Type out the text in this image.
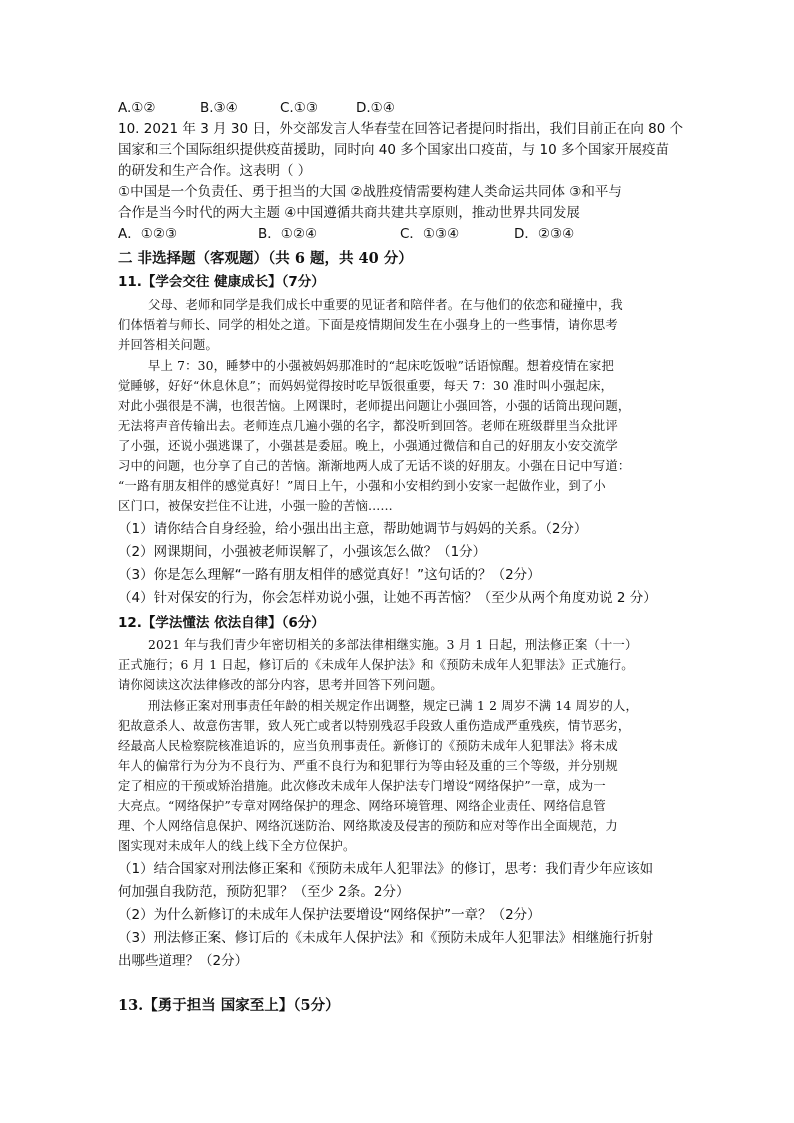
A.①②	B.③④	C.①③	D.①④
10. 2021 年 3 月 30 日，外交部发言人华春莹在回答记者提问时指出，我们目前正在向 80 个
国家和三个国际组织提供疫苗援助，同时向 40 多个国家出口疫苗，与 10 多个国家开展疫苗
的研发和生产合作。这表明（ ）
①中国是一个负责任、勇于担当的大国 ②战胜疫情需要构建人类命运共同体 ③和平与
合作是当今时代的两大主题 ④中国遵循共商共建共享原则，推动世界共同发展
A．①②③	B．①②④	C．①③④	D．②③④
二 非选择题（客观题）（共 6 题，共 40 分）
11.【学会交往 健康成长】（7分）
父母、老师和同学是我们成长中重要的见证者和陪伴者。在与他们的依恋和碰撞中，我
们体悟着与师长、同学的相处之道。下面是疫情期间发生在小强身上的一些事情，请你思考
并回答相关问题。
早上 7：30，睡梦中的小强被妈妈那准时的“起床吃饭啦”话语惊醒。想着疫情在家把
觉睡够，好好“休息休息”；而妈妈觉得按时吃早饭很重要，每天 7：30 准时叫小强起床，
对此小强很是不满，也很苦恼。上网课时，老师提出问题让小强回答，小强的话筒出现问题，
无法将声音传输出去。老师连点几遍小强的名字，都没听到回答。老师在班级群里当众批评
了小强，还说小强逃课了，小强甚是委屈。晚上，小强通过微信和自己的好朋友小安交流学
习中的问题，也分享了自己的苦恼。渐渐地两人成了无话不谈的好朋友。小强在日记中写道：
“一路有朋友相伴的感觉真好！”周日上午，小强和小安相约到小安家一起做作业，到了小
区门口，被保安拦住不让进，小强一脸的苦恼……
（1）请你结合自身经验，给小强出出主意，帮助她调节与妈妈的关系。（2分）
（2）网课期间，小强被老师误解了，小强该怎么做？（1分）
（3）你是怎么理解“一路有朋友相伴的感觉真好！”这句话的？（2分）
（4）针对保安的行为，你会怎样劝说小强，让她不再苦恼？（至少从两个角度劝说 2 分）
12.【学法懂法 依法自律】（6分）
2021 年与我们青少年密切相关的多部法律相继实施。3 月 1 日起，刑法修正案（十一）
正式施行；6 月 1 日起，修订后的《未成年人保护法》和《预防未成年人犯罪法》正式施行。
请你阅读这次法律修改的部分内容，思考并回答下列问题。
刑法修正案对刑事责任年龄的相关规定作出调整，规定已满 1 2 周岁不满 14 周岁的人，
犯故意杀人、故意伤害罪，致人死亡或者以特别残忍手段致人重伤造成严重残疾，情节恶劣，
经最高人民检察院核准追诉的，应当负刑事责任。新修订的《预防未成年人犯罪法》将未成
年人的偏常行为分为不良行为、严重不良行为和犯罪行为等由轻及重的三个等级，并分别规
定了相应的干预或矫治措施。此次修改未成年人保护法专门增设“网络保护”一章，成为一
大亮点。“网络保护”专章对网络保护的理念、网络环境管理、网络企业责任、网络信息管
理、个人网络信息保护、网络沉迷防治、网络欺凌及侵害的预防和应对等作出全面规范，力
图实现对未成年人的线上线下全方位保护。
（1）结合国家对刑法修正案和《预防未成年人犯罪法》的修订，思考：我们青少年应该如
何加强自我防范，预防犯罪？（至少 2条。2分）
（2）为什么新修订的未成年人保护法要增设“网络保护”一章？（2分）
（3）刑法修正案、修订后的《未成年人保护法》和《预防未成年人犯罪法》相继施行折射
出哪些道理？（2分）
13.【勇于担当 国家至上】（5分）
